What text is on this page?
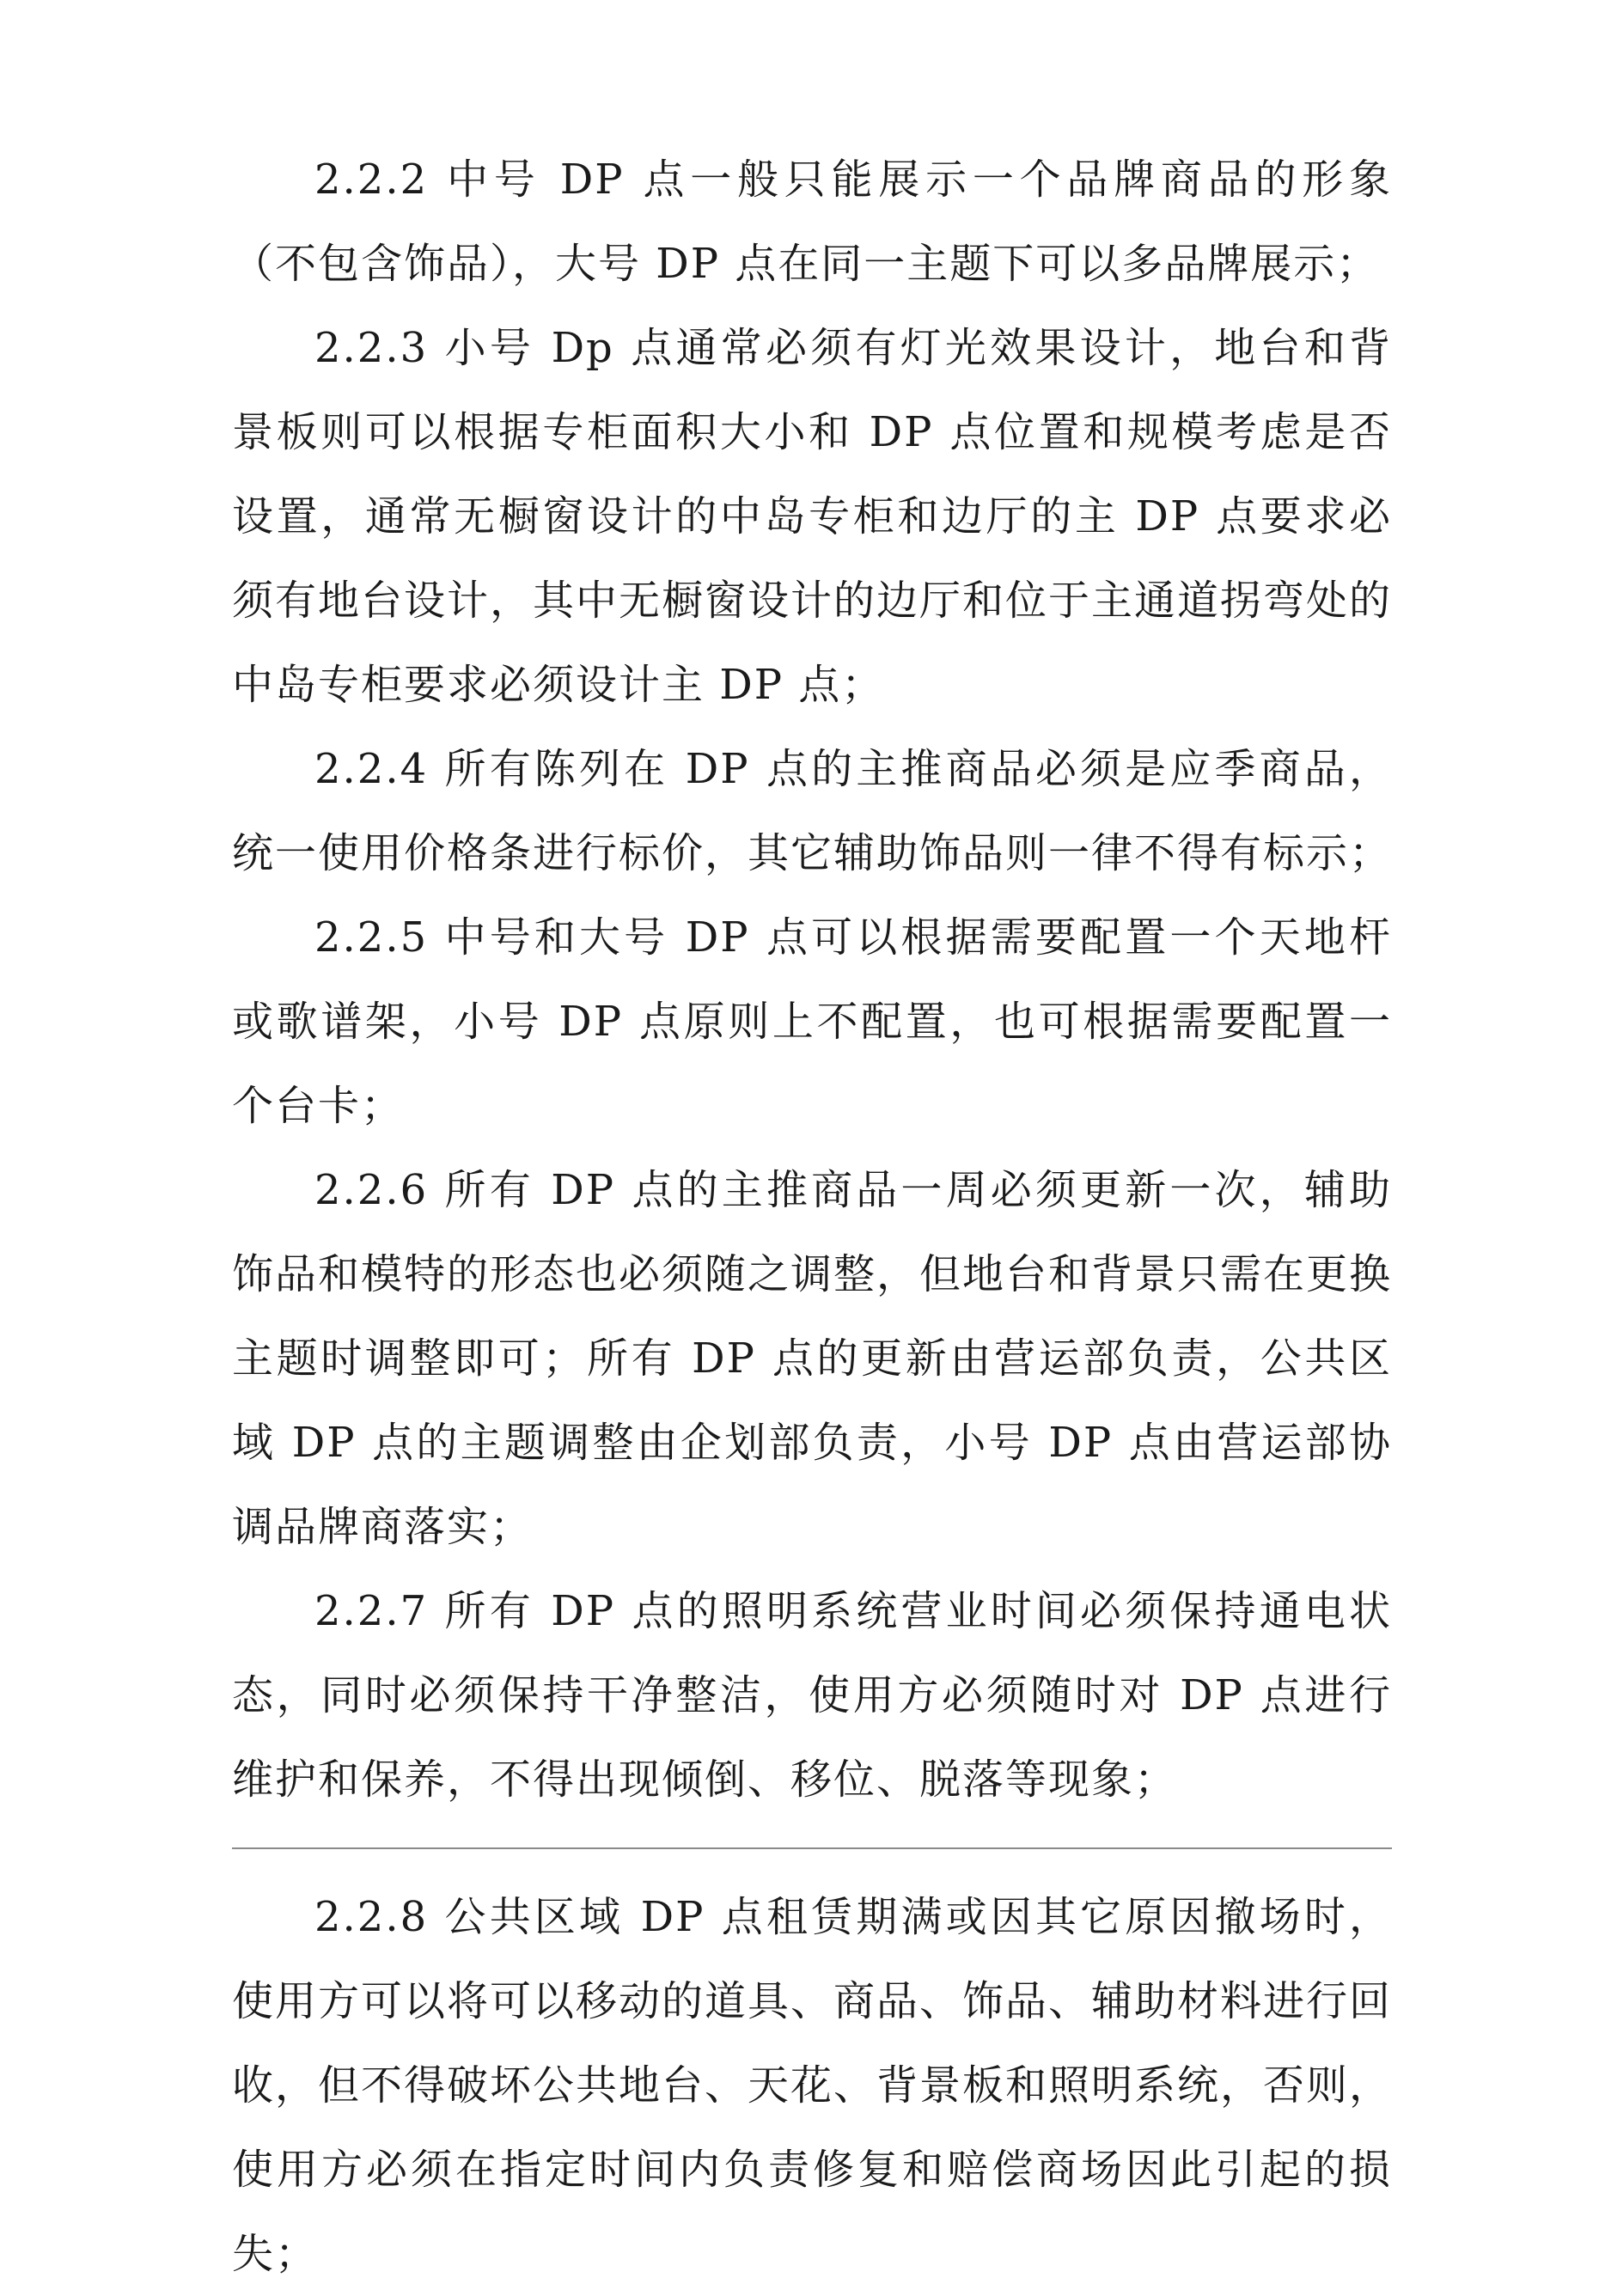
2.2.2 中号 DP 点一般只能展示一个品牌商品的形象（不包含饰品），大号 DP 点在同一主题下可以多品牌展示；

2.2.3 小号 Dp 点通常必须有灯光效果设计，地台和背景板则可以根据专柜面积大小和 DP 点位置和规模考虑是否设置，通常无橱窗设计的中岛专柜和边厅的主 DP 点要求必须有地台设计，其中无橱窗设计的边厅和位于主通道拐弯处的中岛专柜要求必须设计主 DP 点；

2.2.4 所有陈列在 DP 点的主推商品必须是应季商品，统一使用价格条进行标价，其它辅助饰品则一律不得有标示；

2.2.5 中号和大号 DP 点可以根据需要配置一个天地杆或歌谱架，小号 DP 点原则上不配置，也可根据需要配置一个台卡；

2.2.6 所有 DP 点的主推商品一周必须更新一次，辅助饰品和模特的形态也必须随之调整，但地台和背景只需在更换主题时调整即可；所有 DP 点的更新由营运部负责，公共区域 DP 点的主题调整由企划部负责，小号 DP 点由营运部协调品牌商落实；

2.2.7 所有 DP 点的照明系统营业时间必须保持通电状态，同时必须保持干净整洁，使用方必须随时对 DP 点进行维护和保养，不得出现倾倒、移位、脱落等现象；

2.2.8 公共区域 DP 点租赁期满或因其它原因撤场时，使用方可以将可以移动的道具、商品、饰品、辅助材料进行回收，但不得破坏公共地台、天花、背景板和照明系统，否则，使用方必须在指定时间内负责修复和赔偿商场因此引起的损失；
